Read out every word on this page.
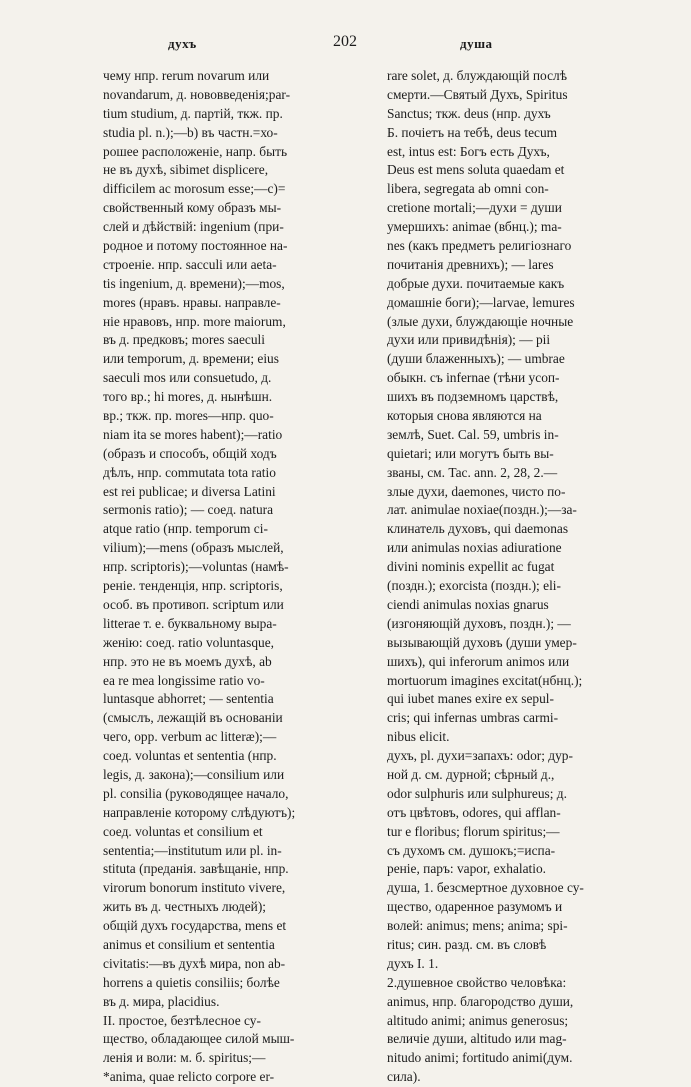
духъ	202	душа
чему нпр. rerum novarum или
novandarum, д. нововведенія;par-
tium studium, д. партій, ткж. пр.
studia pl. n.);—b) въ частн.=хо-
рошее расположеніе, напр. быть
не въ духѣ, sibimet displicere,
difficilem ac morosum esse;—c)=
свойственный кому образъ мы-
слей и дѣйствій: ingenium (при-
родное и потому постоянное на-
строеніе. нпр. sacculi или aeta-
tis ingenium, д. времени);—mos,
mores (нравъ. нравы. направле-
ніе нравовъ, нпр. more maiorum,
въ д. предковъ; mores saeculi
или temporum, д. времени; eius
saeculi mos или consuetudo, д.
того вр.; hi mores, д. нынѣшн.
вр.; ткж. пр. mores—нпр. quo-
niam ita se mores habent);—ratio
(образъ и способъ, общій ходъ
дѣлъ, нпр. commutata tota ratio
est rei publicae; и diversa Latini
sermonis ratio); — соед. natura
atque ratio (нпр. temporum ci-
vilium);—mens (образъ мыслей,
нпр. scriptoris);—voluntas (намѣ-
реніе. тенденція, нпр. scriptoris,
особ. въ противоп. scriptum или
litterae т. е. буквальному выра-
женію: соед. ratio voluntasque,
нпр. это не въ моемъ духѣ, ab
ea re mea longissime ratio vo-
luntasque abhorret; — sententia
(смыслъ, лежащій въ основаніи
чего, орр. verbum ac litteræ);—
соед. voluntas et sententia (нпр.
legis, д. закона);—consilium или
pl. consilia (руководящее начало,
направленіе которому слѣдуютъ);
соед. voluntas et consilium et
sententia;—institutum или pl. in-
stituta (преданія. завѣщаніе, нпр.
virorum bonorum instituto vivere,
жить въ д. честныхъ людей);
общій духъ государства, mens et
animus et consilium et sententia
civitatis:—въ духѣ мира, non ab-
horrens a quietis consiliis; болѣе
въ д. мира, placidius.
II. простое, безтѣлесное су-
щество, обладающее силой мыш-
ленія и воли: м. б. spiritus;—
*anima, quae relicto corpore er-
rare solet, д. блуждающій послѣ
смерти.—Святый Духъ, Spiritus
Sanctus; ткж. deus (нпр. духъ
Б. почіетъ на тебѣ, deus tecum
est, intus est: Богъ есть Духъ,
Deus est mens soluta quaedam et
libera, segregata ab omni con-
cretione mortali;—духи = души
умершихъ: animae (вбнц.); ma-
nes (какъ предметъ религіознаго
почитанія древнихъ); — lares
добрые духи. почитаемые какъ
домашніе боги);—larvae, lemures
(злые духи, блуждающіе ночные
духи или привидѣнія); — pii
(души блаженныхъ); — umbrae
обыкн. съ infernae (тѣни усоп-
шихъ въ подземномъ царствѣ,
которыя снова являются на
землѣ, Suet. Cal. 59, umbris in-
quietari; или могутъ быть вы-
званы, см. Tac. ann. 2, 28, 2.—
злые духи, daemones, чисто по-
лат. animulae noxiae(поздн.);—за-
клинатель духовъ, qui daemonas
или animulas noxias adiuratione
divini nominis expellit ac fugat
(поздн.); exorcista (поздн.); eli-
ciendi animulas noxias gnarus
(изгоняющій духовъ, поздн.); —
вызывающій духовъ (души умер-
шихъ), qui inferorum animos или
mortuorum imagines excitat(нбнц.);
qui iubet manes exire ex sepul-
cris; qui infernas umbras carmi-
nibus elicit.
духъ, pl. духи=запахъ: odor; дур-
ной д. см. дурной; сѣрный д.,
odor sulphuris или sulphureus; д.
отъ цвѣтовъ, odores, qui afflan-
tur e floribus; florum spiritus;—
съ духомъ см. душокъ;=испа-
реніе, паръ: vapor, exhalatio.
душа, 1. безсмертное духовное су-
щество, одаренное разумомъ и
волей: animus; mens; anima; spi-
ritus; син. разд. см. въ словѣ
духъ I. 1.
2.душевное свойство человѣка:
animus, нпр. благородство души,
altitudo animi; animus generosus;
величіе души, altitudo или mag-
nitudo animi; fortitudo animi(дум.
сила).
